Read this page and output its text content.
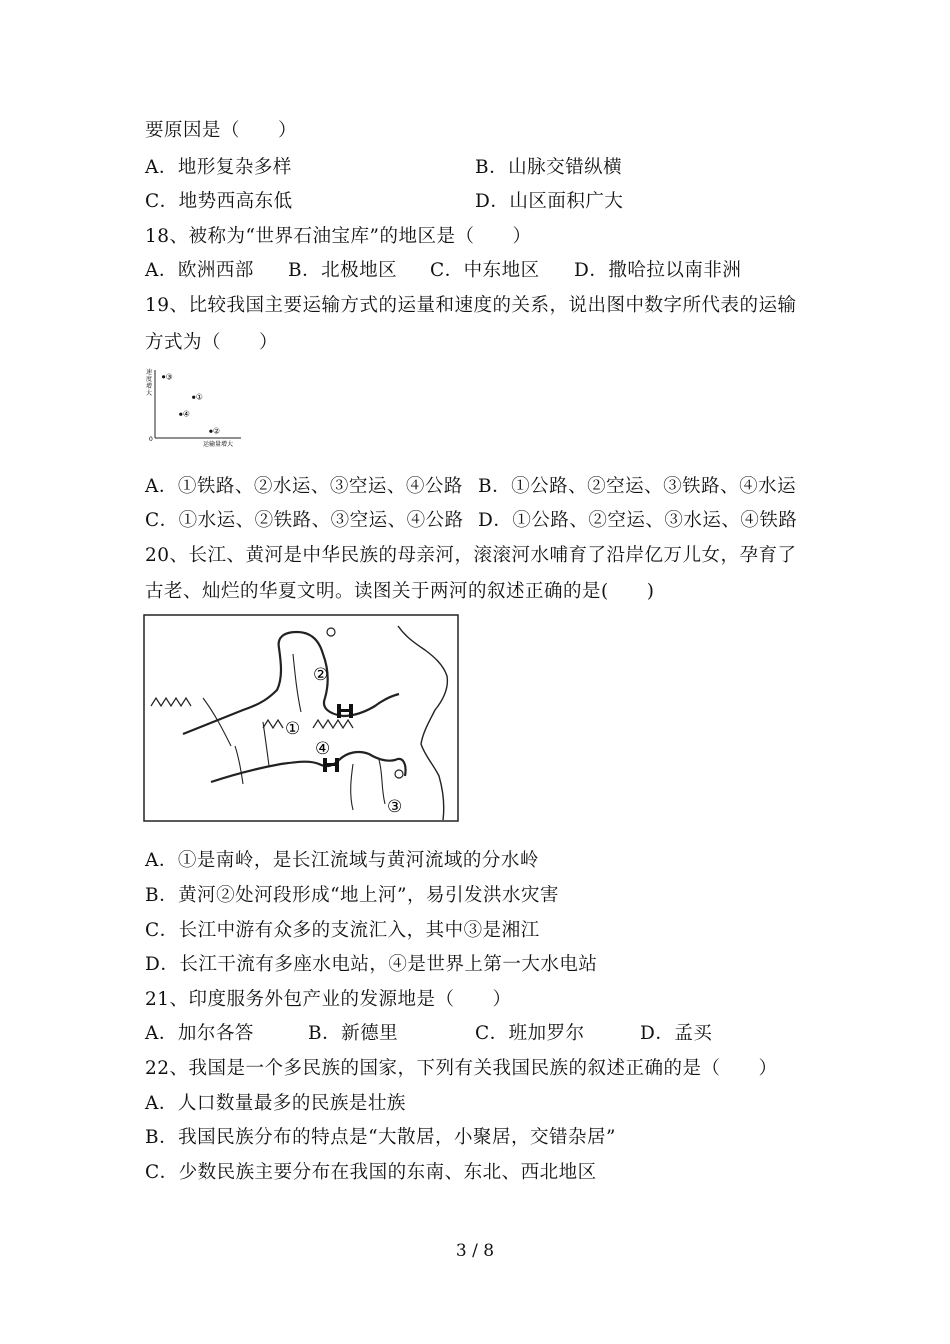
要原因是（　　）
A．地形复杂多样	B．山脉交错纵横
C．地势西高东低	D．山区面积广大
18、被称为“世界石油宝库”的地区是（　　）
A．欧洲西部 B．北极地区 C．中东地区 D．撒哈拉以南非洲
19、比较我国主要运输方式的运量和速度的关系，说出图中数字所代表的运输
方式为（　　）
速度增大
0
运输量增大
③
①
④
②
A．①铁路、②水运、③空运、④公路 B．①公路、②空运、③铁路、④水运
C．①水运、②铁路、③空运、④公路 D．①公路、②空运、③水运、④铁路
20、长江、黄河是中华民族的母亲河，滚滚河水哺育了沿岸亿万儿女，孕育了
古老、灿烂的华夏文明。读图关于两河的叙述正确的是(　　)
②
①
④
③
A．①是南岭，是长江流域与黄河流域的分水岭
B．黄河②处河段形成“地上河”，易引发洪水灾害
C．长江中游有众多的支流汇入，其中③是湘江
D．长江干流有多座水电站，④是世界上第一大水电站
21、印度服务外包产业的发源地是（　　）
A．加尔各答	B．新德里	C．班加罗尔	D．孟买
22、我国是一个多民族的国家，下列有关我国民族的叙述正确的是（　　）
A．人口数量最多的民族是壮族
B．我国民族分布的特点是“大散居，小聚居，交错杂居”
C．少数民族主要分布在我国的东南、东北、西北地区
3 / 8
